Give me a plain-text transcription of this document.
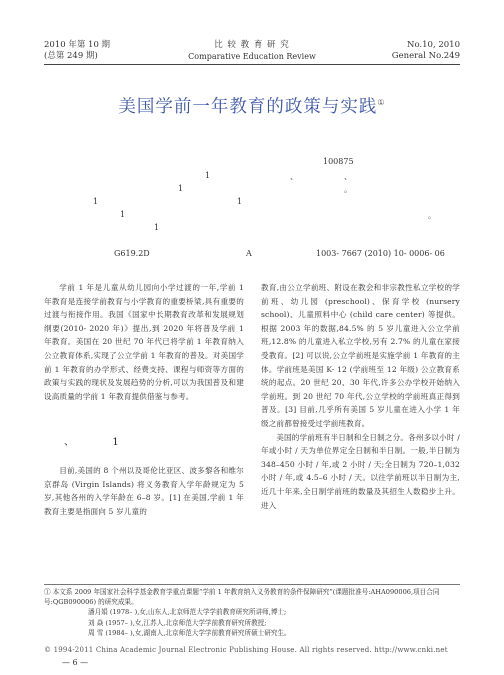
2010 年第 10 期
(总第 249 期)
比 较 教 育 研 究
Comparative Education Review
No.10, 2010
General No.249
美国学前一年教育的政策与实践①
100875
1	、	、
1	。
1	1
。
1
1
G619.2D	A	1003- 7667 (2010) 10- 0006- 06

学前 1 年是儿童从幼儿园向小学过渡的一年,学前 1 年教育是连接学前教育与小学教育的重要桥梁,具有重要的过渡与衔接作用。我国《国家中长期教育改革和发展规划纲要(2010- 2020 年)》提出,到 2020 年将普及学前 1 年教育。美国在 20 世纪 70 年代已将学前 1 年教育纳入公立教育体系,实现了公立学前 1 年教育的普及。对美国学前 1 年教育的办学形式、经费支持、课程与师资等方面的政策与实践的现状及发展趋势的分析,可以为我国普及和建设高质量的学前 1 年教育提供借鉴与参考。

、	1

目前,美国的 8 个州以及哥伦比亚区、波多黎各和维尔京群岛 (Virgin Islands) 将义务教育入学年龄规定为 5 岁,其他各州的入学年龄在 6–8 岁。[1] 在美国,学前 1 年教育主要是指面向 5 岁儿童的

教育,由公立学前班、附设在教会和非宗教性私立学校的学前班、幼儿园 (preschool)、保育学校 (nursery school)、儿童照料中心 (child care center) 等提供。根据 2003 年的数据,84.5% 的 5 岁儿童进入公立学前班,12.8% 的儿童进入私立学校,另有 2.7% 的儿童在家接受教育。[2] 可以说,公立学前班是实施学前 1 年教育的主体。学前班是美国 K- 12 (学前班至 12 年级) 公立教育系统的起点。20 世纪 20、30 年代,许多公办学校开始纳入学前班。到 20 世纪 70 年代,公立学校的学前班真正得到普及。[3] 目前,几乎所有美国 5 岁儿童在进入小学 1 年级之前都曾接受过学前班教育。

美国的学前班有半日制和全日制之分。各州多以小时 / 年或小时 / 天为单位界定全日制和半日制。一般,半日制为 348–450 小时 / 年,或 2 小时 / 天;全日制为 720–1,032 小时 / 年,或 4.5–6 小时 / 天。以往学前班以半日制为主,近几十年来,全日制学前班的数量及其招生人数稳步上升。进入

① 本文系 2009 年国家社会科学基金教育学重点课题“学前 1 年教育纳入义务教育的条件保障研究”(课题批准号:AHA090006,项目合同号:QGB090006) 的研究成果。

潘月娟 (1978– ),女,山东人,北京师范大学学前教育研究所讲师,博士;

刘 焱 (1957– ),女,江苏人,北京师范大学学前教育研究所教授;

周 雪 (1984– ),女,湖南人,北京师范大学学前教育研究所硕士研究生。

© 1994-2011 China Academic Journal Electronic Publishing House. All rights reserved. http://www.cnki.net
— 6 —
